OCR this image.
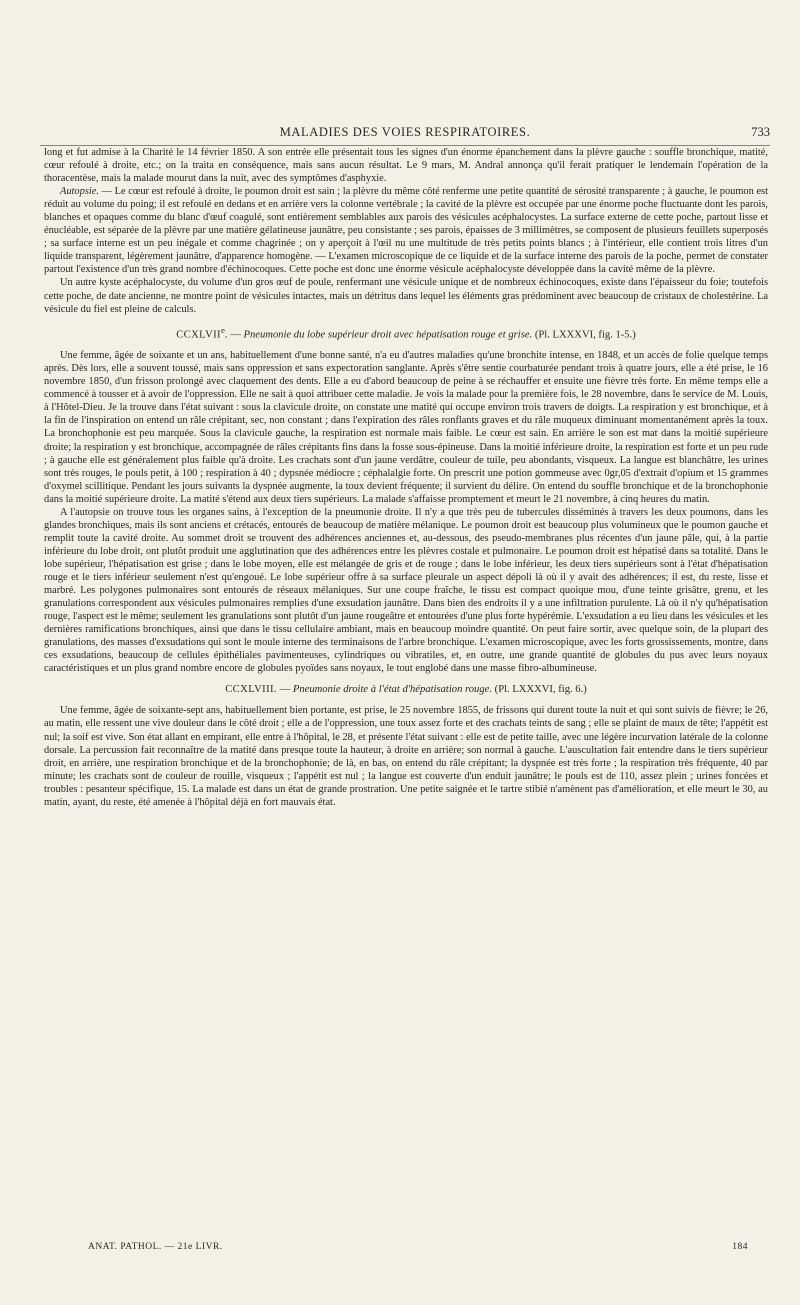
MALADIES DES VOIES RESPIRATOIRES.	733

long et fut admise à la Charité le 14 février 1850. A son entrée elle présentait tous les signes d'un énorme épanchement dans la plèvre gauche : souffle bronchique, matité, cœur refoulé à droite, etc.; on la traita en conséquence, mais sans aucun résultat. Le 9 mars, M. Andral annonça qu'il ferait pratiquer le lendemain l'opération de la thoracentèse, mais la malade mourut dans la nuit, avec des symptômes d'asphyxie.

Autopsie. — Le cœur est refoulé à droite, le poumon droit est sain ; la plèvre du même côté renferme une petite quantité de sérosité transparente ; à gauche, le poumon est réduit au volume du poing; il est refoulé en dedans et en arrière vers la colonne vertébrale ; la cavité de la plèvre est occupée par une énorme poche fluctuante dont les parois, blanches et opaques comme du blanc d'œuf coagulé, sont entièrement semblables aux parois des vésicules acéphalocystes. La surface externe de cette poche, partout lisse et énucléable, est séparée de la plèvre par une matière gélatineuse jaunâtre, peu consistante ; ses parois, épaisses de 3 millimètres, se composent de plusieurs feuillets superposés ; sa surface interne est un peu inégale et comme chagrinée ; on y aperçoit à l'œil nu une multitude de très petits points blancs ; à l'intérieur, elle contient trois litres d'un liquide transparent, légèrement jaunâtre, d'apparence homogène. — L'examen microscopique de ce liquide et de la surface interne des parois de la poche, permet de constater partout l'existence d'un très grand nombre d'échinocoques. Cette poche est donc une énorme vésicule acéphalocyste développée dans la cavité même de la plèvre.

Un autre kyste acéphalocyste, du volume d'un gros œuf de poule, renfermant une vésicule unique et de nombreux échinocoques, existe dans l'épaisseur du foie; toutefois cette poche, de date ancienne, ne montre point de vésicules intactes, mais un détritus dans lequel les éléments gras prédominent avec beaucoup de cristaux de cholestérine. La vésicule du fiel est pleine de calculs.

CCXLVIIe. — Pneumonie du lobe supérieur droit avec hépatisation rouge et grise. (Pl. LXXXVI, fig. 1-5.)

Une femme, âgée de soixante et un ans, habituellement d'une bonne santé, n'a eu d'autres maladies qu'une bronchite intense, en 1848, et un accès de folie quelque temps après. Dès lors, elle a souvent toussé, mais sans oppression et sans expectoration sanglante. Après s'être sentie courbaturée pendant trois à quatre jours, elle a été prise, le 16 novembre 1850, d'un frisson prolongé avec claquement des dents. Elle a eu d'abord beaucoup de peine à se réchauffer et ensuite une fièvre très forte. En même temps elle a commencé à tousser et à avoir de l'oppression. Elle ne sait à quoi attribuer cette maladie. Je vois la malade pour la première fois, le 28 novembre, dans le service de M. Louis, à l'Hôtel-Dieu. Je la trouve dans l'état suivant : sous la clavicule droite, on constate une matité qui occupe environ trois travers de doigts. La respiration y est bronchique, et à la fin de l'inspiration on entend un râle crépitant, sec, non constant ; dans l'expiration des râles ronflants graves et du râle muqueux diminuant momentanément après la toux. La bronchophonie est peu marquée. Sous la clavicule gauche, la respiration est normale mais faible. Le cœur est sain. En arrière le son est mat dans la moitié supérieure droite; la respiration y est bronchique, accompagnée de râles crépitants fins dans la fosse sous-épineuse. Dans la moitié inférieure droite, la respiration est forte et un peu rude ; à gauche elle est généralement plus faible qu'à droite. Les crachats sont d'un jaune verdâtre, couleur de tuile, peu abondants, visqueux. La langue est blanchâtre, les urines sont très rouges, le pouls petit, à 100 ; respiration à 40 ; dypsnée médiocre ; céphalalgie forte. On prescrit une potion gommeuse avec 0gr,05 d'extrait d'opium et 15 grammes d'oxymel scillitique. Pendant les jours suivants la dyspnée augmente, la toux devient fréquente; il survient du délire. On entend du souffle bronchique et de la bronchophonie dans la moitié supérieure droite. La matité s'étend aux deux tiers supérieurs. La malade s'affaisse promptement et meurt le 21 novembre, à cinq heures du matin.

A l'autopsie on trouve tous les organes sains, à l'exception de la pneumonie droite. Il n'y a que très peu de tubercules disséminés à travers les deux poumons, dans les glandes bronchiques, mais ils sont anciens et crétacés, entourés de beaucoup de matière mélanique. Le poumon droit est beaucoup plus volumineux que le poumon gauche et remplit toute la cavité droite. Au sommet droit se trouvent des adhérences anciennes et, au-dessous, des pseudo-membranes plus récentes d'un jaune pâle, qui, à la partie inférieure du lobe droit, ont plutôt produit une agglutination que des adhérences entre les plèvres costale et pulmonaire. Le poumon droit est hépatisé dans sa totalité. Dans le lobe supérieur, l'hépatisation est grise ; dans le lobe moyen, elle est mélangée de gris et de rouge ; dans le lobe inférieur, les deux tiers supérieurs sont à l'état d'hépatisation rouge et le tiers inférieur seulement n'est qu'engoué. Le lobe supérieur offre à sa surface pleurale un aspect dépoli là où il y avait des adhérences; il est, du reste, lisse et marbré. Les polygones pulmonaires sont entourés de réseaux mélaniques. Sur une coupe fraîche, le tissu est compact quoique mou, d'une teinte grisâtre, grenu, et les granulations correspondent aux vésicules pulmonaires remplies d'une exsudation jaunâtre. Dans bien des endroits il y a une infiltration purulente. Là où il n'y qu'hépatisation rouge, l'aspect est le même; seulement les granulations sont plutôt d'un jaune rougeâtre et entourées d'une plus forte hypérémie. L'exsudation a eu lieu dans les vésicules et les dernières ramifications bronchiques, ainsi que dans le tissu cellulaire ambiant, mais en beaucoup moindre quantité. On peut faire sortir, avec quelque soin, de la plupart des granulations, des masses d'exsudations qui sont le moule interne des terminaisons de l'arbre bronchique. L'examen microscopique, avec les forts grossissements, montre, dans ces exsudations, beaucoup de cellules épithéliales pavimenteuses, cylindriques ou vibratiles, et, en outre, une grande quantité de globules du pus avec leurs noyaux caractéristiques et un plus grand nombre encore de globules pyoïdes sans noyaux, le tout englobé dans une masse fibro-albumineuse.

CCXLVIII. — Pneumonie droite à l'état d'hépatisation rouge. (Pl. LXXXVI, fig. 6.)

Une femme, âgée de soixante-sept ans, habituellement bien portante, est prise, le 25 novembre 1855, de frissons qui durent toute la nuit et qui sont suivis de fièvre; le 26, au matin, elle ressent une vive douleur dans le côté droit ; elle a de l'oppression, une toux assez forte et des crachats teints de sang ; elle se plaint de maux de tête; l'appétit est nul; la soif est vive. Son état allant en empirant, elle entre à l'hôpital, le 28, et présente l'état suivant : elle est de petite taille, avec une légère incurvation latérale de la colonne dorsale. La percussion fait reconnaître de la matité dans presque toute la hauteur, à droite en arrière; son normal à gauche. L'auscultation fait entendre dans le tiers supérieur droit, en arrière, une respiration bronchique et de la bronchophonie; de là, en bas, on entend du râle crépitant; la dyspnée est très forte ; la respiration très fréquente, 40 par minute; les crachats sont de couleur de rouille, visqueux ; l'appétit est nul ; la langue est couverte d'un enduit jaunâtre; le pouls est de 110, assez plein ; urines foncées et troubles : pesanteur spécifique, 15. La malade est dans un état de grande prostration. Une petite saignée et le tartre stibié n'amènent pas d'amélioration, et elle meurt le 30, au matin, ayant, du reste, été amenée à l'hôpital déjà en fort mauvais état.

ANAT. PATHOL. — 21e LIVR.	184
